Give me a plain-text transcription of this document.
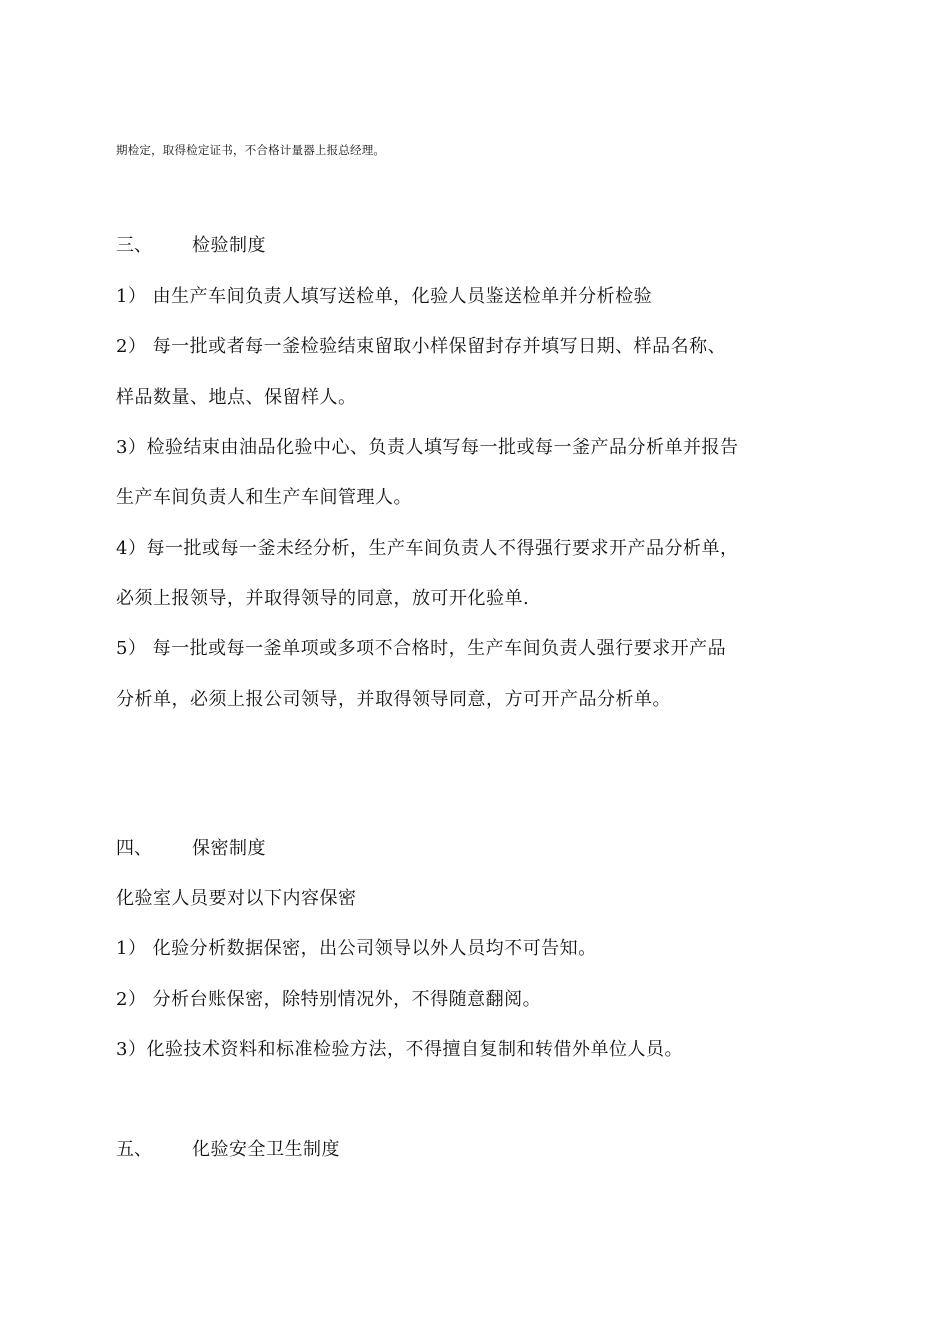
期检定，取得检定证书，不合格计量器上报总经理。
三、 检验制度
1） 由生产车间负责人填写送检单，化验人员鉴送检单并分析检验
2） 每一批或者每一釜检验结束留取小样保留封存并填写日期、样品名称、
样品数量、地点、保留样人。
3）检验结束由油品化验中心、负责人填写每一批或每一釜产品分析单并报告
生产车间负责人和生产车间管理人。
4）每一批或每一釜未经分析，生产车间负责人不得强行要求开产品分析单，
必须上报领导，并取得领导的同意，放可开化验单.
5） 每一批或每一釜单项或多项不合格时，生产车间负责人强行要求开产品
分析单，必须上报公司领导，并取得领导同意，方可开产品分析单。
四、 保密制度
化验室人员要对以下内容保密
1） 化验分析数据保密，出公司领导以外人员均不可告知。
2） 分析台账保密，除特别情况外，不得随意翻阅。
3）化验技术资料和标准检验方法，不得擅自复制和转借外单位人员。
五、 化验安全卫生制度
